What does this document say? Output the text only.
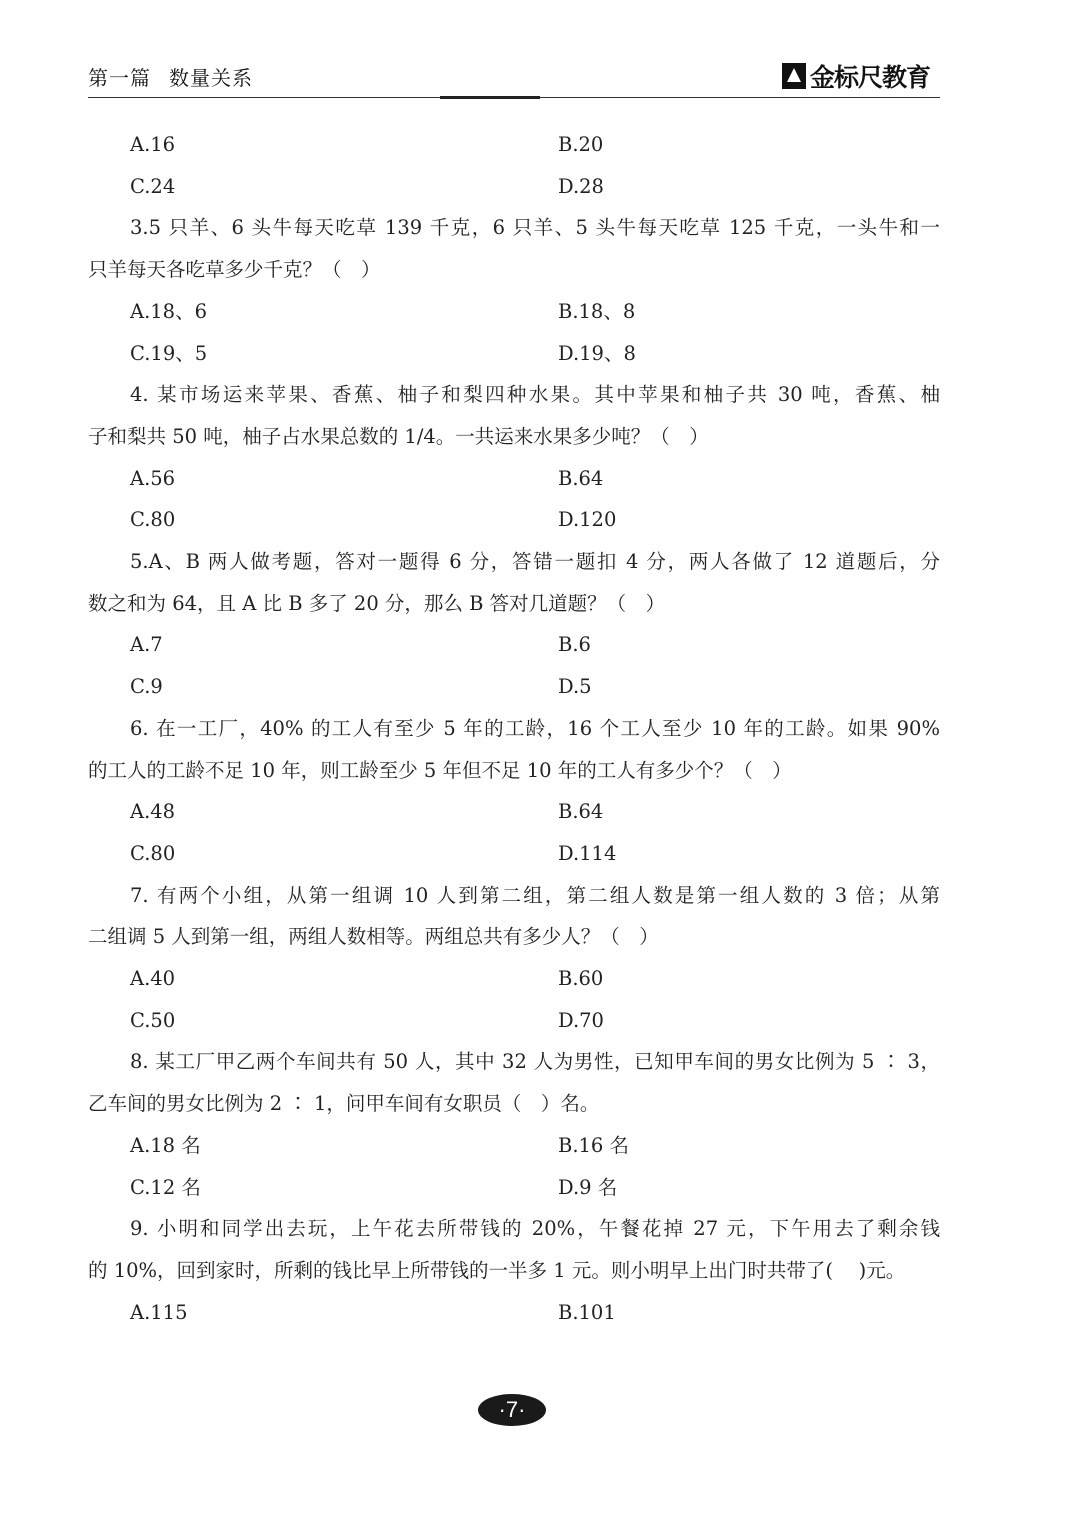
第一篇 数量关系	金标尺教育
A.16	B.20
C.24	D.28
3.5 只羊、6 头牛每天吃草 139 千克，6 只羊、5 头牛每天吃草 125 千克，一头牛和一
只羊每天各吃草多少千克？（　）
A.18、6	B.18、8
C.19、5	D.19、8
4. 某市场运来苹果、香蕉、柚子和梨四种水果。其中苹果和柚子共 30 吨，香蕉、柚
子和梨共 50 吨，柚子占水果总数的 1/4。一共运来水果多少吨？（　）
A.56	B.64
C.80	D.120
5.A、B 两人做考题，答对一题得 6 分，答错一题扣 4 分，两人各做了 12 道题后，分
数之和为 64，且 A 比 B 多了 20 分，那么 B 答对几道题？（　）
A.7	B.6
C.9	D.5
6. 在一工厂，40% 的工人有至少 5 年的工龄，16 个工人至少 10 年的工龄。如果 90%
的工人的工龄不足 10 年，则工龄至少 5 年但不足 10 年的工人有多少个？（　）
A.48	B.64
C.80	D.114
7. 有两个小组，从第一组调 10 人到第二组，第二组人数是第一组人数的 3 倍；从第
二组调 5 人到第一组，两组人数相等。两组总共有多少人？（　）
A.40	B.60
C.50	D.70
8. 某工厂甲乙两个车间共有 50 人，其中 32 人为男性，已知甲车间的男女比例为 5 ∶ 3，
乙车间的男女比例为 2 ∶ 1，问甲车间有女职员（　）名。
A.18 名	B.16 名
C.12 名	D.9 名
9. 小明和同学出去玩，上午花去所带钱的 20%，午餐花掉 27 元，下午用去了剩余钱
的 10%，回到家时，所剩的钱比早上所带钱的一半多 1 元。则小明早上出门时共带了(　 )元。
A.115	B.101
·7·
